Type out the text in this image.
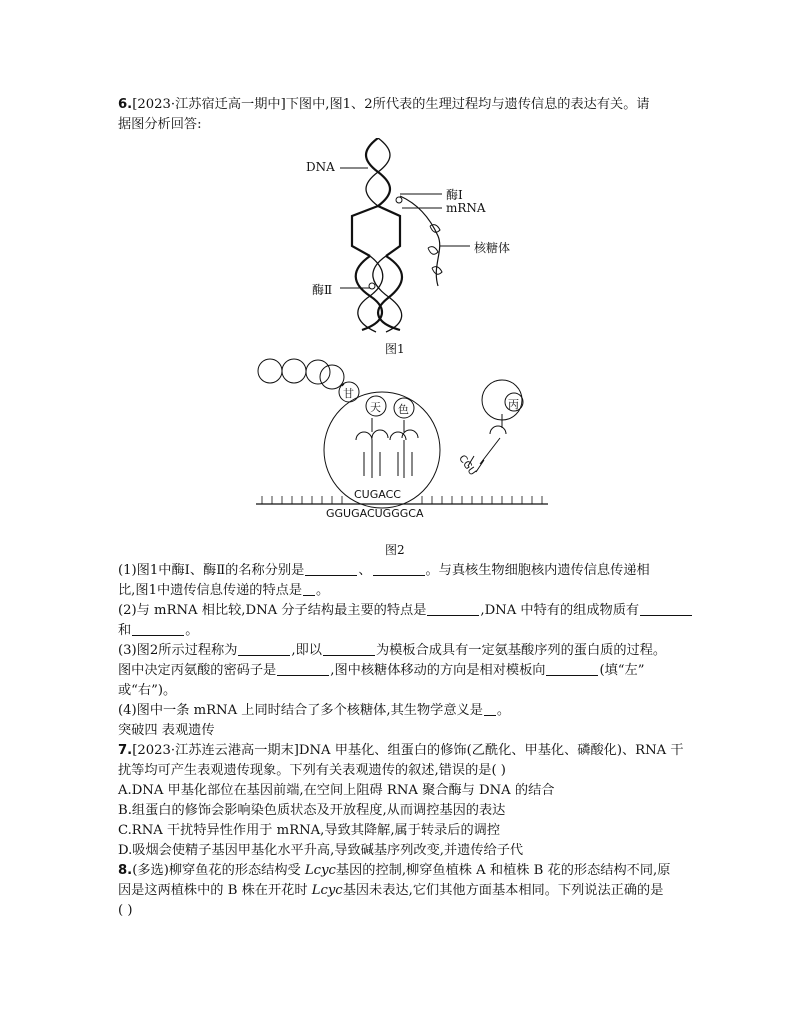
6.[2023·江苏宿迁高一期中]下图中,图1、2所代表的生理过程均与遗传信息的表达有关。请
据图分析回答:
DNA
酶Ⅰ
mRNA
核糖体
酶Ⅱ
图1
甘
天 色	丙
CUGACC
CGU
GGUGACUGGGCA
图2
(1)图1中酶Ⅰ、酶Ⅱ的名称分别是	、	。与真核生物细胞核内遗传信息传递相
比,图1中遗传信息传递的特点是 。
(2)与 mRNA 相比较,DNA 分子结构最主要的特点是	,DNA 中特有的组成物质有
和	。
(3)图2所示过程称为	,即以	为模板合成具有一定氨基酸序列的蛋白质的过程。
图中决定丙氨酸的密码子是	,图中核糖体移动的方向是相对模板向	(填“左”
或“右”)。
(4)图中一条 mRNA 上同时结合了多个核糖体,其生物学意义是 。
突破四 表观遗传
7.[2023·江苏连云港高一期末]DNA 甲基化、组蛋白的修饰(乙酰化、甲基化、磷酸化)、RNA 干
扰等均可产生表观遗传现象。下列有关表观遗传的叙述,错误的是( )
A.DNA 甲基化部位在基因前端,在空间上阻碍 RNA 聚合酶与 DNA 的结合
B.组蛋白的修饰会影响染色质状态及开放程度,从而调控基因的表达
C.RNA 干扰特异性作用于 mRNA,导致其降解,属于转录后的调控
D.吸烟会使精子基因甲基化水平升高,导致碱基序列改变,并遗传给子代
8.(多选)柳穿鱼花的形态结构受 Lcyc基因的控制,柳穿鱼植株 A 和植株 B 花的形态结构不同,原
因是这两植株中的 B 株在开花时 Lcyc基因未表达,它们其他方面基本相同。下列说法正确的是
( )
